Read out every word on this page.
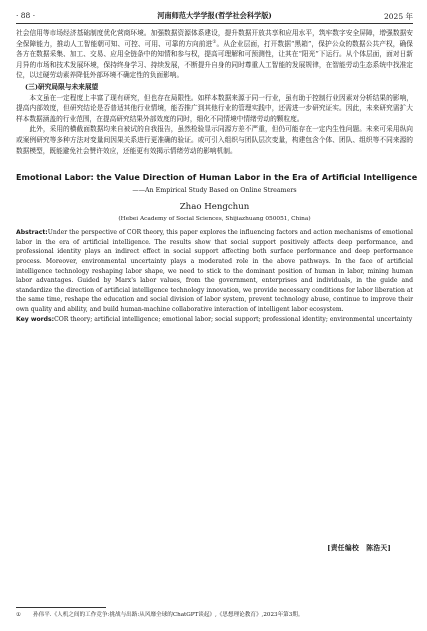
· 88 ·	河南师范大学学报(哲学社会科学版)	2025 年

社会信用等市场经济基础制度优化营商环境。加强数据资源体系建设，提升数据开放共享和应用水平，筑牢数字安全屏障，增强数据安全保障能力，推动人工智能朝可知、可控、可用、可靠的方向前进①。从企业层面，打开数据“黑箱”，保护公众的数据公共产权，确保各方在数据采集、加工、交易、应用全链条中的知情和参与权，提高可理解和可预测性，让其在“阳光”下运行。从个体层面，面对日新月异的市场和技术发展环境，保持终身学习、持续发展，不断提升自身的同时尊重人工智能的发展规律，在智能劳动生态系统中找准定位，以过硬劳动素养降低外部环境不确定性的负面影响。

(三)研究局限与未来展望

本文虽在一定程度上丰富了现有研究，但也存在局限性。如样本数据来源于同一行业，虽有助于控制行业因素对分析结果的影响，提高内部效度，但研究结论是否普适其他行业情境，能否推广到其他行业的管理实践中，还需进一步研究证实。因此，未来研究需扩大样本数据涵盖的行业范围，在提高研究结果外部效度的同时，细化不同情境中情绪劳动的颗粒度。

此外，采用的横截面数据均来自被试的自我报告，虽然检验显示同源方差不严重，但仍可能存在一定内生性问题。未来可采用纵向或案例研究等多种方法对变量间因果关系进行更准确的验证。或可引入组织与团队层次变量，构建包含个体、团队、组织等不同来源的数据模型，既能避免社会赞许效应，还能更有效揭示情绪劳动的影响机制。

Emotional Labor: the Value Direction of Human Labor in the Era of Artificial Intelligence
——An Empirical Study Based on Online Streamers
Zhao Hengchun
(Hebei Academy of Social Sciences, Shijiazhuang 050051, China)
Abstract:Under the perspective of COR theory, this paper explores the influencing factors and action mechanisms of emotional labor in the era of artificial intelligence. The results show that social support positively affects deep performance, and professional identity plays an indirect effect in social support affecting both surface performance and deep performance process. Moreover, environmental uncertainty plays a moderated role in the above pathways. In the face of artificial intelligence technology reshaping labor shape, we need to stick to the dominant position of human in labor, mining human labor advantages. Guided by Marx's labor values, from the government, enterprises and individuals, in the guide and standardize the direction of artificial intelligence technology innovation, we provide necessary conditions for labor liberation at the same time, reshape the education and social division of labor system, prevent technology abuse, continue to improve their own quality and ability, and build human-machine collaborative interaction of intelligent labor ecosystem.
Key words:COR theory; artificial intelligence; emotional labor; social support; professional identity; environmental uncertainty
[责任编校　陈浩天]
① 孙伟平.《人机之间的工作竞争:挑战与出路:从风靡全球的ChatGPT谈起》,《思想理论教育》,2023年第3期。
